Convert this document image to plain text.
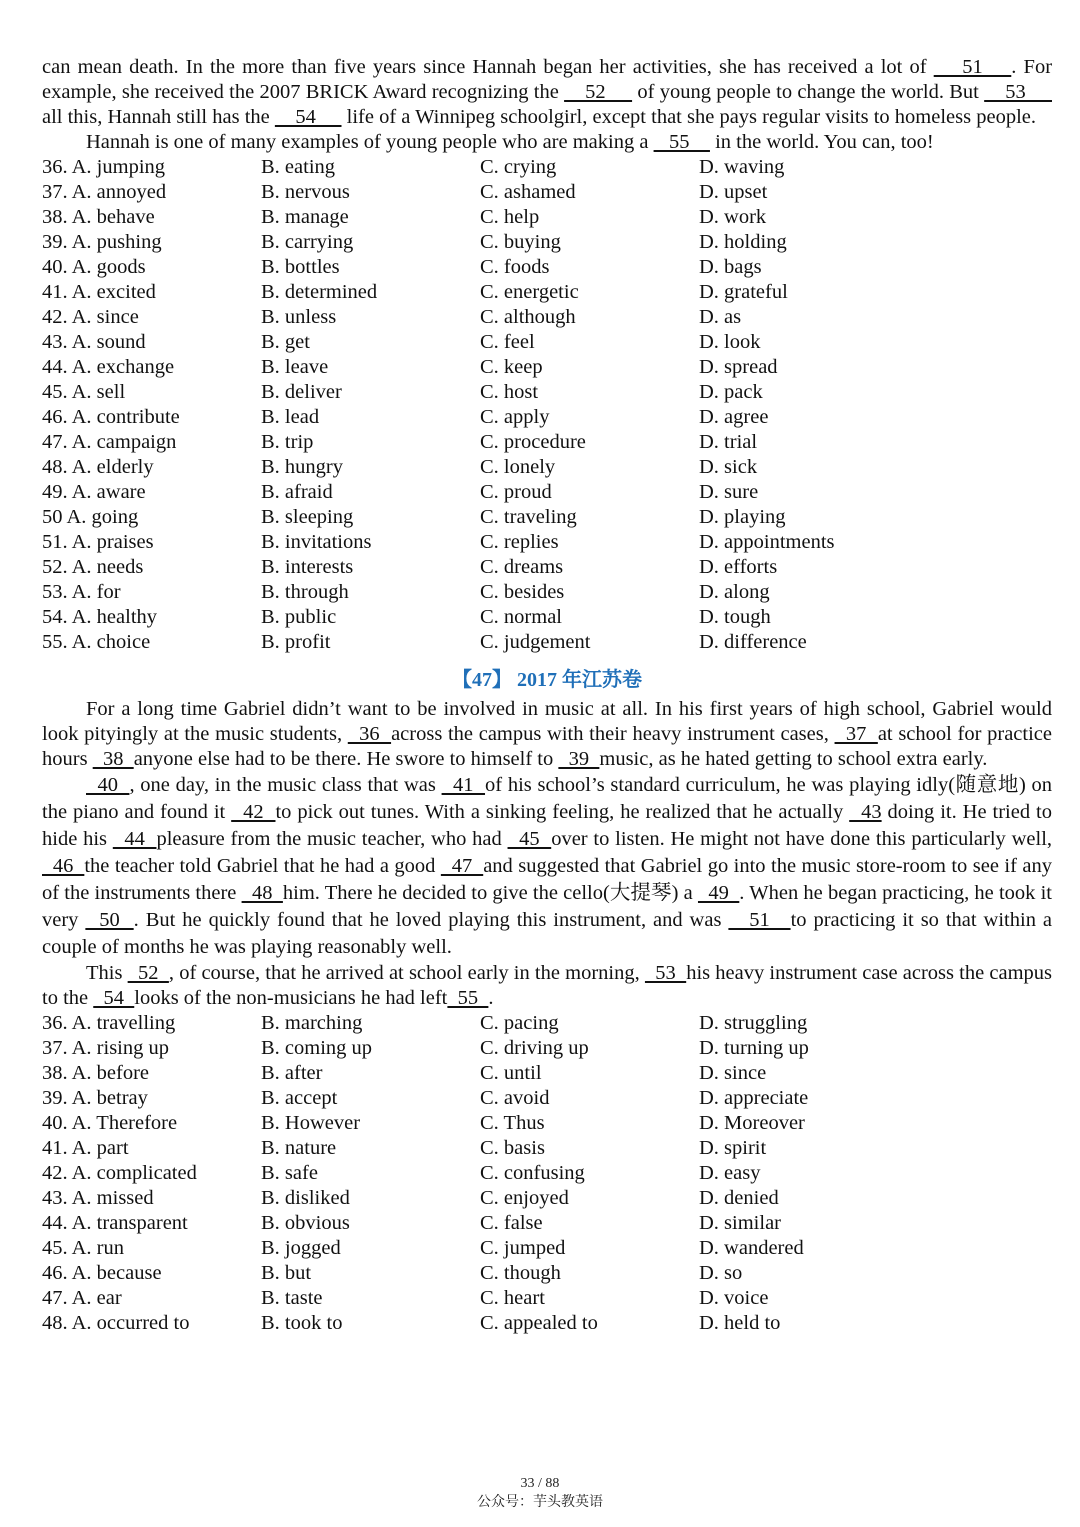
can mean death. In the more than five years since Hannah began her activities, she has received a lot of     51    . For example, she received the 2007 BRICK Award recognizing the     52      of young people to change the world. But     53      all this, Hannah still has the     54      life of a Winnipeg schoolgirl, except that she pays regular visits to homeless people.

Hannah is one of many examples of young people who are making a    55     in the world. You can, too!

36. A. jumping	B. eating	C. crying	D. waving
37. A. annoyed	B. nervous	C. ashamed	D. upset
38. A. behave	B. manage	C. help	D. work
39. A. pushing	B. carrying	C. buying	D. holding
40. A. goods	B. bottles	C. foods	D. bags
41. A. excited	B. determined	C. energetic	D. grateful
42. A. since	B. unless	C. although	D. as
43. A. sound	B. get	C. feel	D. look
44. A. exchange	B. leave	C. keep	D. spread
45. A. sell	B. deliver	C. host	D. pack
46. A. contribute	B. lead	C. apply	D. agree
47. A. campaign	B. trip	C. procedure	D. trial
48. A. elderly	B. hungry	C. lonely	D. sick
49. A. aware	B. afraid	C. proud	D. sure
50 A. going	B. sleeping	C. traveling	D. playing
51. A. praises	B. invitations	C. replies	D. appointments
52. A. needs	B. interests	C. dreams	D. efforts
53. A. for	B. through	C. besides	D. along
54. A. healthy	B. public	C. normal	D. tough
55. A. choice	B. profit	C. judgement	D. difference
【47】 2017 年江苏卷

For a long time Gabriel didn’t want to be involved in music at all. In his first years of high school, Gabriel would look pityingly at the music students,   36  across the campus with their heavy instrument cases,   37  at school for practice hours   38  anyone else had to be there. He swore to himself to   39  music, as he hated getting to school extra early.

40  , one day, in the music class that was   41  of his school’s standard curriculum, he was playing idly(随意地) on the piano and found it   42  to pick out tunes. With a sinking feeling, he realized that he actually   43 doing it. He tried to hide his   44  pleasure from the music teacher, who had   45  over to listen. He might not have done this particularly well,   46  the teacher told Gabriel that he had a good   47  and suggested that Gabriel go into the music store-room to see if any of the instruments there   48  him. There he decided to give the cello(大提琴) a   49  . When he began practicing, he took it very   50  . But he quickly found that he loved playing this instrument, and was    51   to practicing it so that within a couple of months he was playing reasonably well.

This   52  , of course, that he arrived at school early in the morning,   53  his heavy instrument case across the campus to the   54  looks of the non-musicians he had left  55  .

36. A. travelling	B. marching	C. pacing	D. struggling
37. A. rising up	B. coming up	C. driving up	D. turning up
38. A. before	B. after	C. until	D. since
39. A. betray	B. accept	C. avoid	D. appreciate
40. A. Therefore	B. However	C. Thus	D. Moreover
41. A. part	B. nature	C. basis	D. spirit
42. A. complicated	B. safe	C. confusing	D. easy
43. A. missed	B. disliked	C. enjoyed	D. denied
44. A. transparent	B. obvious	C. false	D. similar
45. A. run	B. jogged	C. jumped	D. wandered
46. A. because	B. but	C. though	D. so
47. A. ear	B. taste	C. heart	D. voice
48. A. occurred to	B. took to	C. appealed to	D. held to
33 / 88
公众号：芋头教英语
